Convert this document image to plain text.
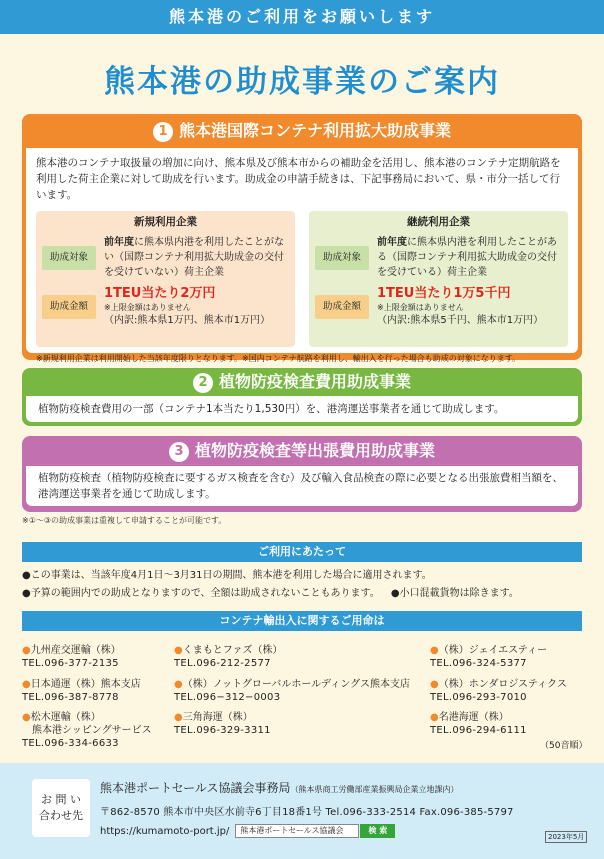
熊本港のご利用をお願いします
熊本港の助成事業のご案内
1 熊本港国際コンテナ利用拡大助成事業
熊本港のコンテナ取扱量の増加に向け、熊本県及び熊本市からの補助金を活用し、熊本港のコンテナ定期航路を利用した荷主企業に対して助成を行います。助成金の申請手続きは、下記事務局において、県・市分一括して行います。
新規利用企業
助成対象
前年度に熊本県内港を利用したことがない（国際コンテナ利用拡大助成金の交付を受けていない）荷主企業
助成金額
1TEU当たり2万円
※上限金額はありません
（内訳:熊本県1万円、熊本市1万円）
継続利用企業
助成対象
前年度に熊本県内港を利用したことがある（国際コンテナ利用拡大助成金の交付を受けている）荷主企業
助成金額
1TEU当たり1万5千円
※上限金額はありません
（内訳:熊本県5千円、熊本市1万円）
※新規利用企業は利用開始した当該年度限りとなります。※国内コンテナ航路を利用し、輸出入を行った場合も助成の対象になります。
2 植物防疫検査費用助成事業
植物防疫検査費用の一部（コンテナ1本当たり1,530円）を、港湾運送事業者を通じて助成します。
3 植物防疫検査等出張費用助成事業
植物防疫検査（植物防疫検査に要するガス検査を含む）及び輸入食品検査の際に必要となる出張旅費相当額を、港湾運送事業者を通じて助成します。
※①～③の助成事業は重複して申請することが可能です。
ご利用にあたって
●この事業は、当該年度4月1日～3月31日の期間、熊本港を利用した場合に適用されます。
●予算の範囲内での助成となりますので、全額は助成されないこともあります。 ●小口混載貨物は除きます。
コンテナ輸出入に関するご用命は
●九州産交運輸（株）
TEL.096-377-2135
●日本通運（株）熊本支店
TEL.096-387-8778
●松木運輸（株）
熊本港シッピングサービス
TEL.096-334-6633
●くまもとファズ（株）
TEL.096-212-2577
●（株）ノットグローバルホールディングス熊本支店
TEL.096−312−0003
●三角海運（株）
TEL.096-329-3311
●（株）ジェイエスティー
TEL.096-324-5377
●（株）ホンダロジスティクス
TEL.096-293-7010
●名港海運（株）
TEL.096-294-6111
（50音順）
お 問 い
合わせ先
熊本港ポートセールス協議会事務局（熊本県商工労働部産業振興局企業立地課内）
〒862-8570 熊本市中央区水前寺6丁目18番1号 Tel.096-333-2514 Fax.096-385-5797
https://kumamoto-port.jp/	熊本港ポートセールス協議会	検 索
2023年5月
